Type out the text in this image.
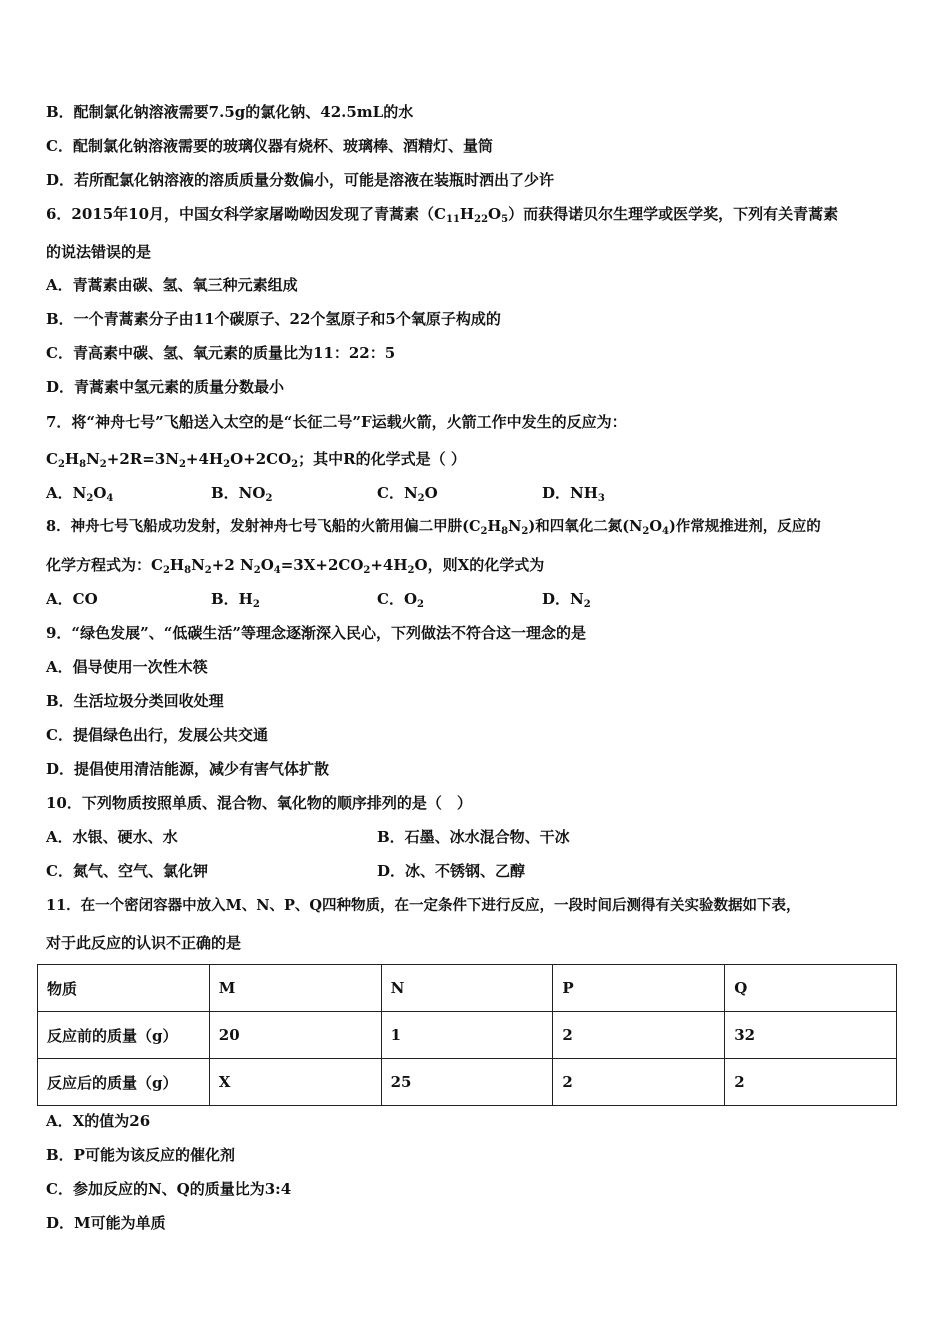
B．配制氯化钠溶液需要7.5g的氯化钠、42.5mL的水
C．配制氯化钠溶液需要的玻璃仪器有烧杯、玻璃棒、酒精灯、量筒
D．若所配氯化钠溶液的溶质质量分数偏小，可能是溶液在装瓶时洒出了少许
6．2015年10月，中国女科学家屠呦呦因发现了青蒿素$(C_{11}H_{22}O_5)$而获得诺贝尔生理学或医学奖，下列有关青蒿素
的说法错误的是
A．青蒿素由碳、氢、氧三种元素组成
B．一个青蒿素分子由11个碳原子、22个氢原子和5个氧原子构成的
C．青高素中碳、氢、氧元素的质量比为11：22：5
D．青蒿素中氢元素的质量分数最小
7．将“神舟七号”飞船送入太空的是“长征二号”F运载火箭，火箭工作中发生的反应为：
$C_2H_8N_2+2R=3N_2+4H_2O+2CO_2$；其中R的化学式是（ ）
A．$N_2O_4$	B．$NO_2$	C．$N_2O$	D．$NH_3$
8．神舟七号飞船成功发射，发射神舟七号飞船的火箭用偏二甲肼$(C_2H_8N_2)$和四氧化二氮$(N_2O_4)$作常规推进剂，反应的
化学方程式为：$C_2H_8N_2+2$ $N_2O_4=3X+2CO_2+4H_2O$，则X的化学式为
A．CO	B．$H_2$	C．$O_2$	D．$N_2$
9．“绿色发展”、“低碳生活”等理念逐渐深入民心，下列做法不符合这一理念的是
A．倡导使用一次性木筷
B．生活垃圾分类回收处理
C．提倡绿色出行，发展公共交通
D．提倡使用清洁能源，减少有害气体扩散
10．下列物质按照单质、混合物、氧化物的顺序排列的是（　）
A．水银、硬水、水	B．石墨、冰水混合物、干冰
C．氮气、空气、氯化钾	D．冰、不锈钢、乙醇
11．在一个密闭容器中放入M、N、P、Q四种物质，在一定条件下进行反应，一段时间后测得有关实验数据如下表，
对于此反应的认识不正确的是
物质	M	N	P	Q
反应前的质量（g）	20	1	2	32
反应后的质量（g）	X	25	2	2
A．X的值为26
B．P可能为该反应的催化剂
C．参加反应的N、Q的质量比为3:4
D．M可能为单质
